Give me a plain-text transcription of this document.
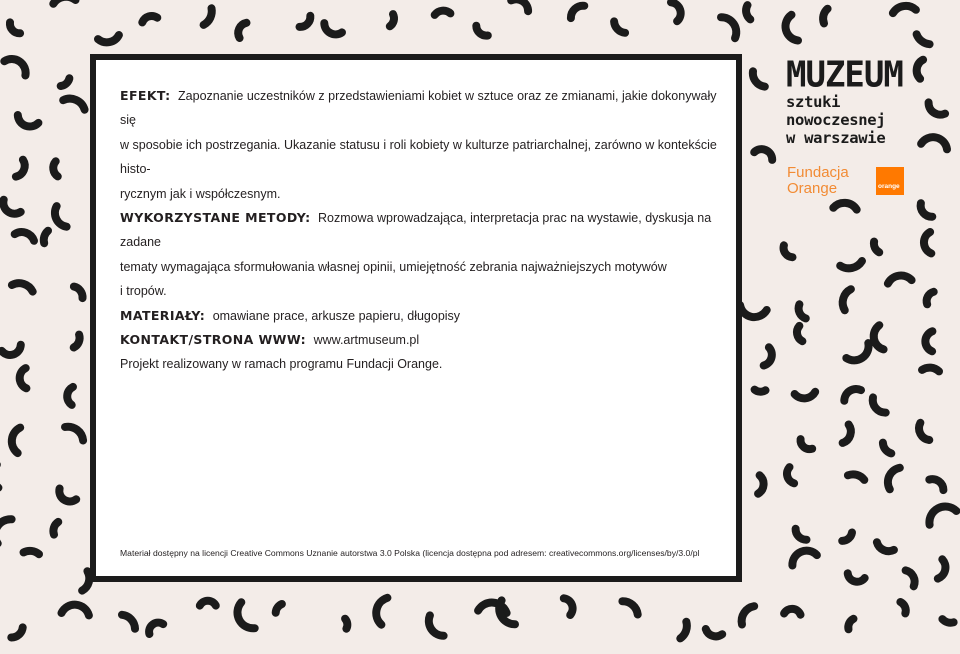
EFEKT: Zapoznanie uczestników z przedstawieniami kobiet w sztuce oraz ze zmianami, jakie dokonywały się
w sposobie ich postrzegania. Ukazanie statusu i roli kobiety w kulturze patriarchalnej, zarówno w kontekście histo-
rycznym jak i współczesnym.

WYKORZYSTANE METODY: Rozmowa wprowadzająca, interpretacja prac na wystawie, dyskusja na zadane
tematy wymagająca sformułowania własnej opinii, umiejętność zebrania najważniejszych motywów
i tropów.

MATERIAŁY: omawiane prace, arkusze papieru, długopisy

KONTAKT/STRONA WWW: www.artmuseum.pl

Projekt realizowany w ramach programu Fundacji Orange.

Materiał dostępny na licencji Creative Commons Uznanie autorstwa 3.0 Polska (licencja dostępna pod adresem: creativecommons.org/licenses/by/3.0/pl
MUZEUM
sztuki
nowoczesnej
w warszawie
Fundacja
Orange	orange
